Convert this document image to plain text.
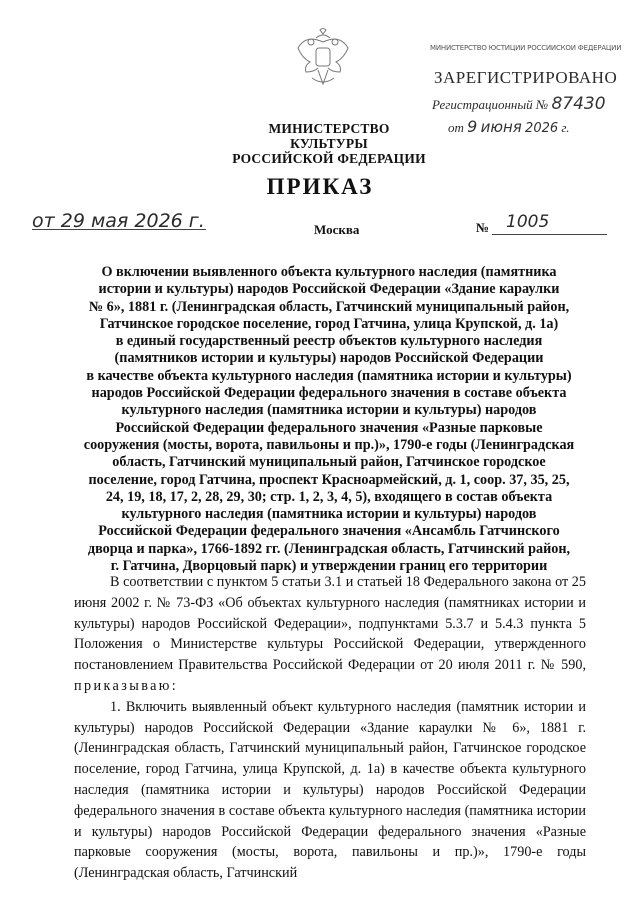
МИНИСТЕРСТВО КУЛЬТУРЫ
РОССИЙСКОЙ ФЕДЕРАЦИИ
МИНИСТЕРСТВО ЮСТИЦИИ РОССИЙСКОЙ ФЕДЕРАЦИИ
ЗАРЕГИСТРИРОВАНО
Регистрационный № 87430
от 9 июня 2026 г.
ПРИКАЗ
от 29 мая 2026 г.	Москва	№ 1005
О включении выявленного объекта культурного наследия (памятника
истории и культуры) народов Российской Федерации «Здание караулки
№ 6», 1881 г. (Ленинградская область, Гатчинский муниципальный район,
Гатчинское городское поселение, город Гатчина, улица Крупской, д. 1а)
в единый государственный реестр объектов культурного наследия
(памятников истории и культуры) народов Российской Федерации
в качестве объекта культурного наследия (памятника истории и культуры)
народов Российской Федерации федерального значения в составе объекта
культурного наследия (памятника истории и культуры) народов
Российской Федерации федерального значения «Разные парковые
сооружения (мосты, ворота, павильоны и пр.)», 1790-е годы (Ленинградская
область, Гатчинский муниципальный район, Гатчинское городское
поселение, город Гатчина, проспект Красноармейский, д. 1, соор. 37, 35, 25,
24, 19, 18, 17, 2, 28, 29, 30; стр. 1, 2, 3, 4, 5), входящего в состав объекта
культурного наследия (памятника истории и культуры) народов
Российской Федерации федерального значения «Ансамбль Гатчинского
дворца и парка», 1766-1892 гг. (Ленинградская область, Гатчинский район,
г. Гатчина, Дворцовый парк) и утверждении границ его территории

В соответствии с пунктом 5 статьи 3.1 и статьей 18 Федерального закона от 25 июня 2002 г. № 73-ФЗ «Об объектах культурного наследия (памятниках истории и культуры) народов Российской Федерации», подпунктами 5.3.7 и 5.4.3 пункта 5 Положения о Министерстве культуры Российской Федерации, утвержденного постановлением Правительства Российской Федерации от 20 июля 2011 г. № 590, приказываю:

1. Включить выявленный объект культурного наследия (памятник истории и культуры) народов Российской Федерации «Здание караулки № 6», 1881 г. (Ленинградская область, Гатчинский муниципальный район, Гатчинское городское поселение, город Гатчина, улица Крупской, д. 1а) в качестве объекта культурного наследия (памятника истории и культуры) народов Российской Федерации федерального значения в составе объекта культурного наследия (памятника истории и культуры) народов Российской Федерации федерального значения «Разные парковые сооружения (мосты, ворота, павильоны и пр.)», 1790-е годы (Ленинградская область, Гатчинский
